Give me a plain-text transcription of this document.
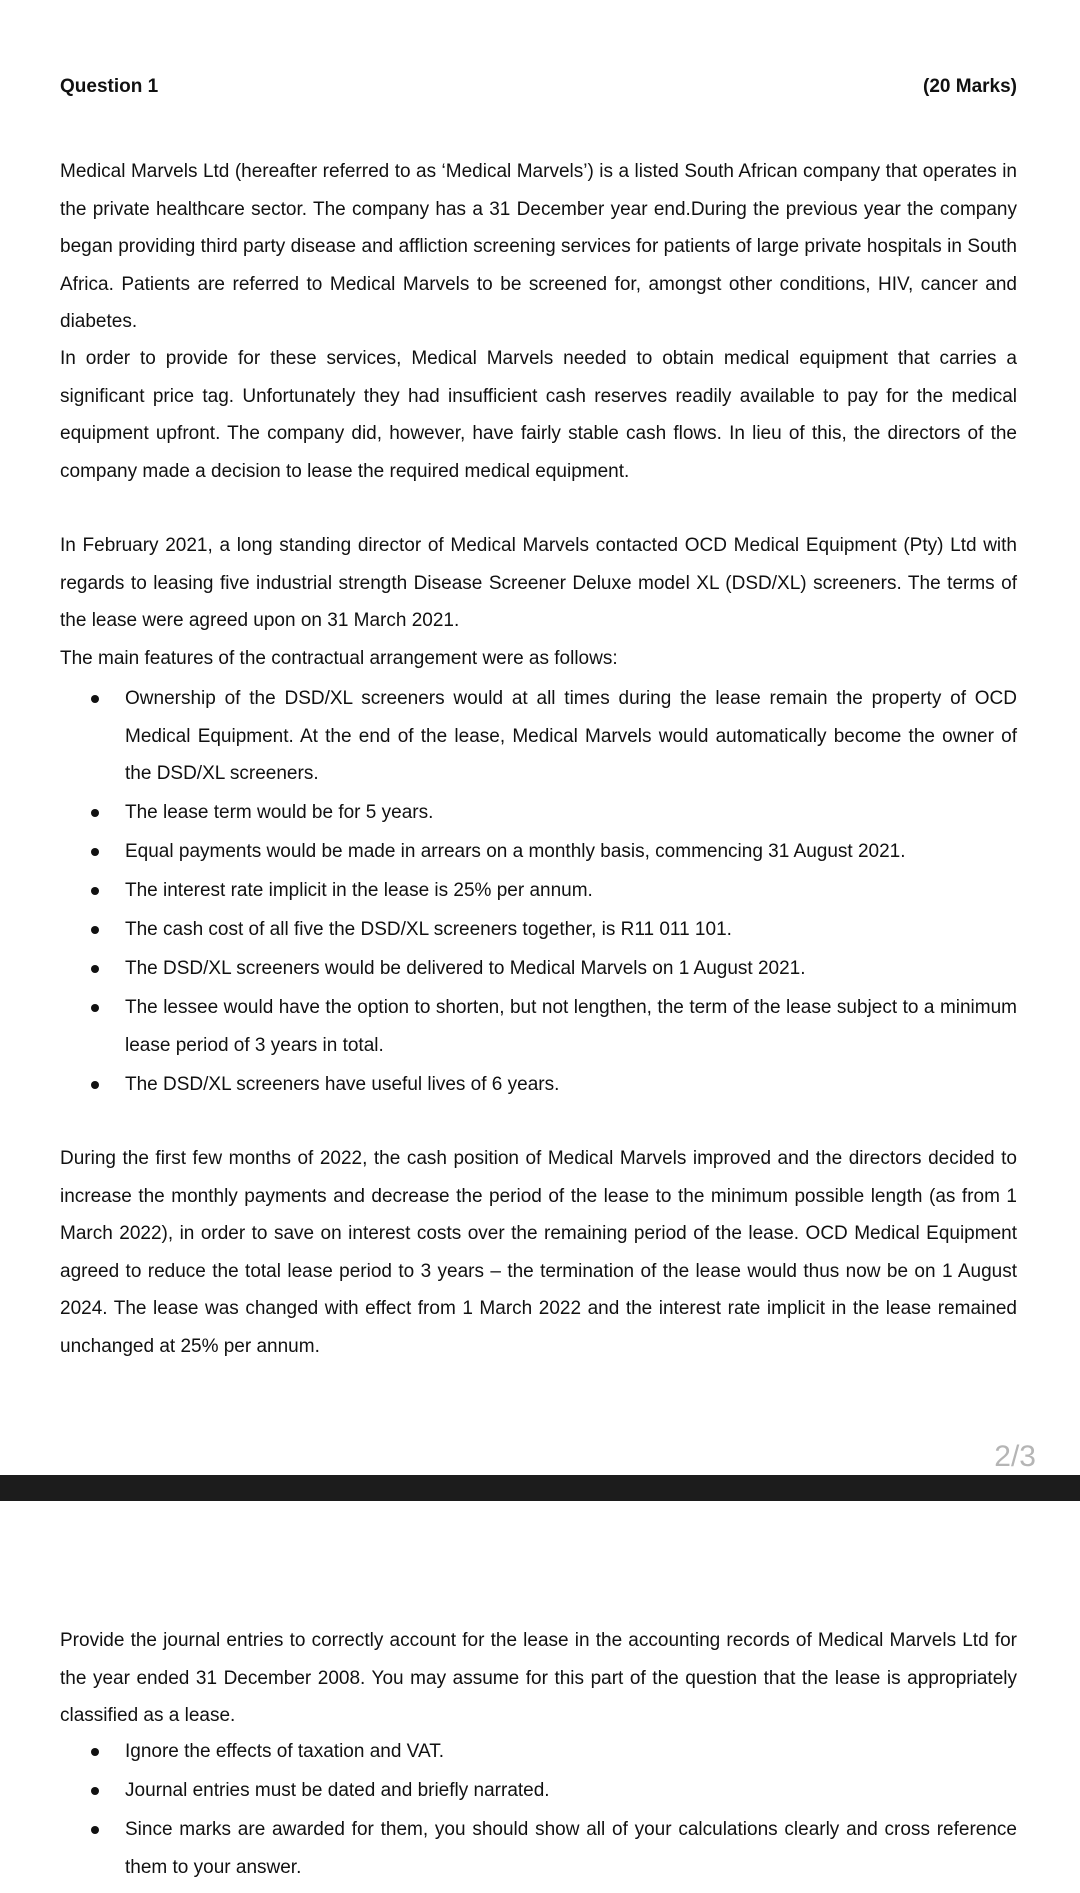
Question 1	(20 Marks)

Medical Marvels Ltd (hereafter referred to as ‘Medical Marvels’) is a listed South African company that operates in the private healthcare sector. The company has a 31 December year end.During the previous year the company began providing third party disease and affliction screening services for patients of large private hospitals in South Africa. Patients are referred to Medical Marvels to be screened for, amongst other conditions, HIV, cancer and diabetes.

In order to provide for these services, Medical Marvels needed to obtain medical equipment that carries a significant price tag. Unfortunately they had insufficient cash reserves readily available to pay for the medical equipment upfront. The company did, however, have fairly stable cash flows. In lieu of this, the directors of the company made a decision to lease the required medical equipment.

In February 2021, a long standing director of Medical Marvels contacted OCD Medical Equipment (Pty) Ltd with regards to leasing five industrial strength Disease Screener Deluxe model XL (DSD/XL) screeners. The terms of the lease were agreed upon on 31 March 2021.

The main features of the contractual arrangement were as follows:

Ownership of the DSD/XL screeners would at all times during the lease remain the property of OCD Medical Equipment. At the end of the lease, Medical Marvels would automatically become the owner of the DSD/XL screeners.
The lease term would be for 5 years.
Equal payments would be made in arrears on a monthly basis, commencing 31 August 2021.
The interest rate implicit in the lease is 25% per annum.
The cash cost of all five the DSD/XL screeners together, is R11 011 101.
The DSD/XL screeners would be delivered to Medical Marvels on 1 August 2021.
The lessee would have the option to shorten, but not lengthen, the term of the lease subject to a minimum lease period of 3 years in total.
The DSD/XL screeners have useful lives of 6 years.

During the first few months of 2022, the cash position of Medical Marvels improved and the directors decided to increase the monthly payments and decrease the period of the lease to the minimum possible length (as from 1 March 2022), in order to save on interest costs over the remaining period of the lease. OCD Medical Equipment agreed to reduce the total lease period to 3 years – the termination of the lease would thus now be on 1 August 2024. The lease was changed with effect from 1 March 2022 and the interest rate implicit in the lease remained unchanged at 25% per annum.

2/3

Provide the journal entries to correctly account for the lease in the accounting records of Medical Marvels Ltd for the year ended 31 December 2008. You may assume for this part of the question that the lease is appropriately classified as a lease.

Ignore the effects of taxation and VAT.
Journal entries must be dated and briefly narrated.
Since marks are awarded for them, you should show all of your calculations clearly and cross reference them to your answer.
